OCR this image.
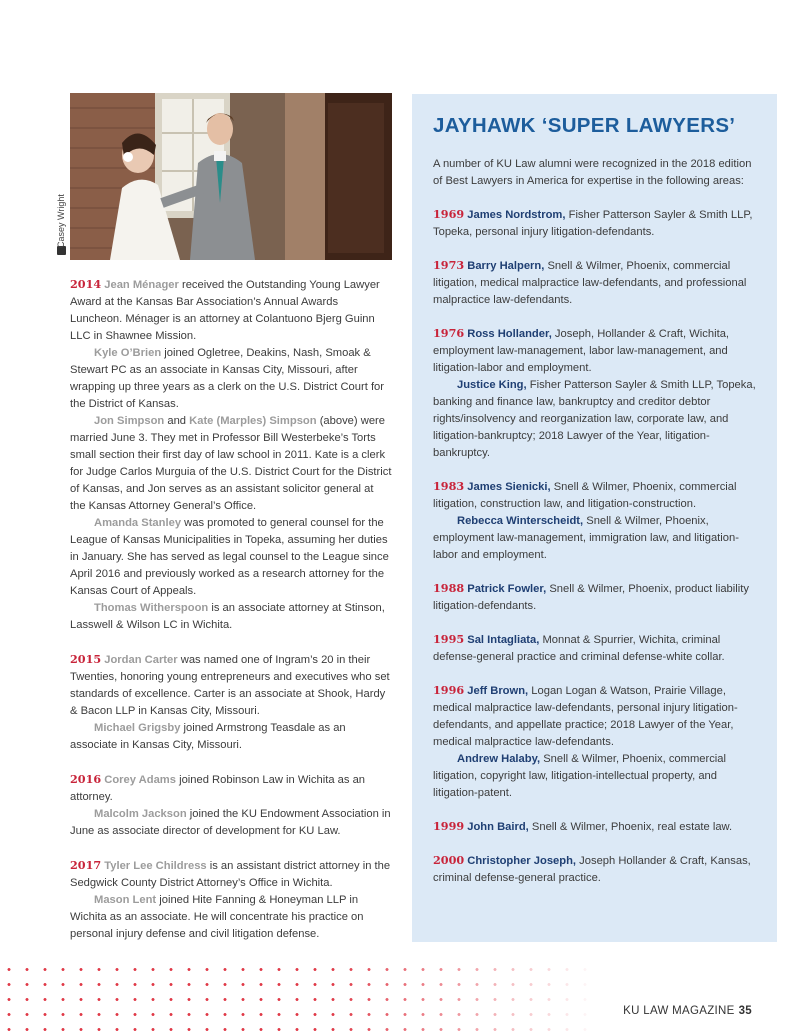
Casey Wright

2014 Jean Ménager received the Outstanding Young Lawyer Award at the Kansas Bar Association’s Annual Awards Luncheon. Ménager is an attorney at Colantuono Bjerg Guinn LLC in Shawnee Mission.

Kyle O’Brien joined Ogletree, Deakins, Nash, Smoak & Stewart PC as an associate in Kansas City, Missouri, after wrapping up three years as a clerk on the U.S. District Court for the District of Kansas.

Jon Simpson and Kate (Marples) Simpson (above) were married June 3. They met in Professor Bill Westerbeke’s Torts small section their first day of law school in 2011. Kate is a clerk for Judge Carlos Murguia of the U.S. District Court for the District of Kansas, and Jon serves as an assistant solicitor general at the Kansas Attorney General’s Office.

Amanda Stanley was promoted to general counsel for the League of Kansas Municipalities in Topeka, assuming her duties in January. She has served as legal counsel to the League since April 2016 and previously worked as a research attorney for the Kansas Court of Appeals.

Thomas Witherspoon is an associate attorney at Stinson, Lasswell & Wilson LC in Wichita.

2015 Jordan Carter was named one of Ingram’s 20 in their Twenties, honoring young entrepreneurs and executives who set standards of excellence. Carter is an associate at Shook, Hardy & Bacon LLP in Kansas City, Missouri.

Michael Grigsby joined Armstrong Teasdale as an associate in Kansas City, Missouri.

2016 Corey Adams joined Robinson Law in Wichita as an attorney.

Malcolm Jackson joined the KU Endowment Association in June as associate director of development for KU Law.

2017 Tyler Lee Childress is an assistant district attorney in the Sedgwick County District Attorney’s Office in Wichita.

Mason Lent joined Hite Fanning & Honeyman LLP in Wichita as an associate. He will concentrate his practice on personal injury defense and civil litigation defense.

JAYHAWK ‘SUPER LAWYERS’

A number of KU Law alumni were recognized in the 2018 edition of Best Lawyers in America for expertise in the following areas:

1969 James Nordstrom, Fisher Patterson Sayler & Smith LLP, Topeka, personal injury litigation-defendants.

1973 Barry Halpern, Snell & Wilmer, Phoenix, commercial litigation, medical malpractice law-defendants, and professional malpractice law-defendants.

1976 Ross Hollander, Joseph, Hollander & Craft, Wichita, employment law-management, labor law-management, and litigation-labor and employment.

Justice King, Fisher Patterson Sayler & Smith LLP, Topeka, banking and finance law, bankruptcy and creditor debtor rights/insolvency and reorganization law, corporate law, and litigation-bankruptcy; 2018 Lawyer of the Year, litigation-bankruptcy.

1983 James Sienicki, Snell & Wilmer, Phoenix, commercial litigation, construction law, and litigation-construction.

Rebecca Winterscheidt, Snell & Wilmer, Phoenix, employment law-management, immigration law, and litigation-labor and employment.

1988 Patrick Fowler, Snell & Wilmer, Phoenix, product liability litigation-defendants.

1995 Sal Intagliata, Monnat & Spurrier, Wichita, criminal defense-general practice and criminal defense-white collar.

1996 Jeff Brown, Logan Logan & Watson, Prairie Village, medical malpractice law-defendants, personal injury litigation-defendants, and appellate practice; 2018 Lawyer of the Year, medical malpractice law-defendants.

Andrew Halaby, Snell & Wilmer, Phoenix, commercial litigation, copyright law, litigation-intellectual property, and litigation-patent.

1999 John Baird, Snell & Wilmer, Phoenix, real estate law.

2000 Christopher Joseph, Joseph Hollander & Craft, Kansas, criminal defense-general practice.

KU LAW MAGAZINE 35
